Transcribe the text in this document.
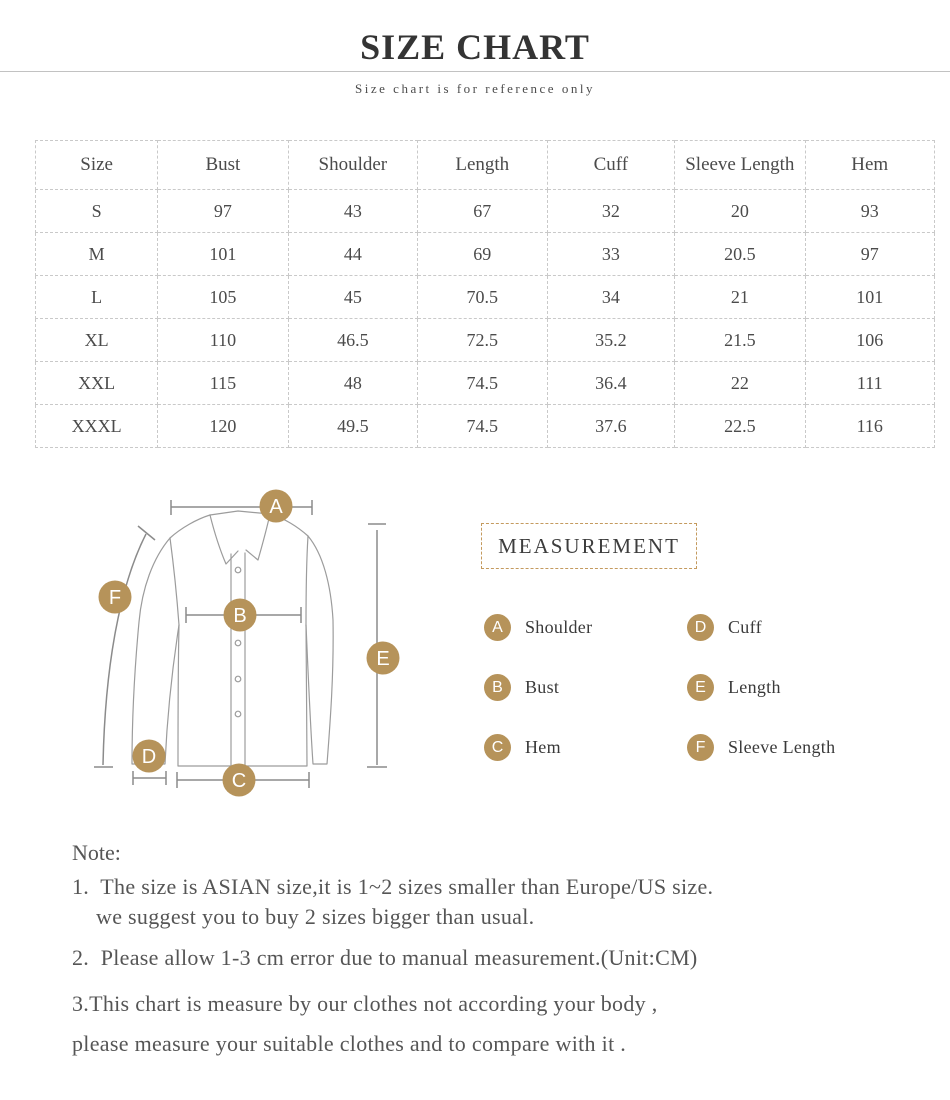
SIZE CHART
Size chart is for reference only
Size	Bust	Shoulder	Length	Cuff	Sleeve Length	Hem
S	97	43	67	32	20	93
M	101	44	69	33	20.5	97
L	105	45	70.5	34	21	101
XL	110	46.5	72.5	35.2	21.5	106
XXL	115	48	74.5	36.4	22	111
XXXL	120	49.5	74.5	37.6	22.5	116
A
B
C
D
E
F
MEASUREMENT
A	Shoulder
B	Bust
C	Hem
D	Cuff
E	Length
F	Sleeve Length
Note:
1.  The size is ASIAN size,it is 1~2 sizes smaller than Europe/US size.
we suggest you to buy 2 sizes bigger than usual.
2.  Please allow 1-3 cm error due to manual measurement.(Unit:CM)
3.This chart is measure by our clothes not according your body ,
please measure your suitable clothes and to compare with it .
